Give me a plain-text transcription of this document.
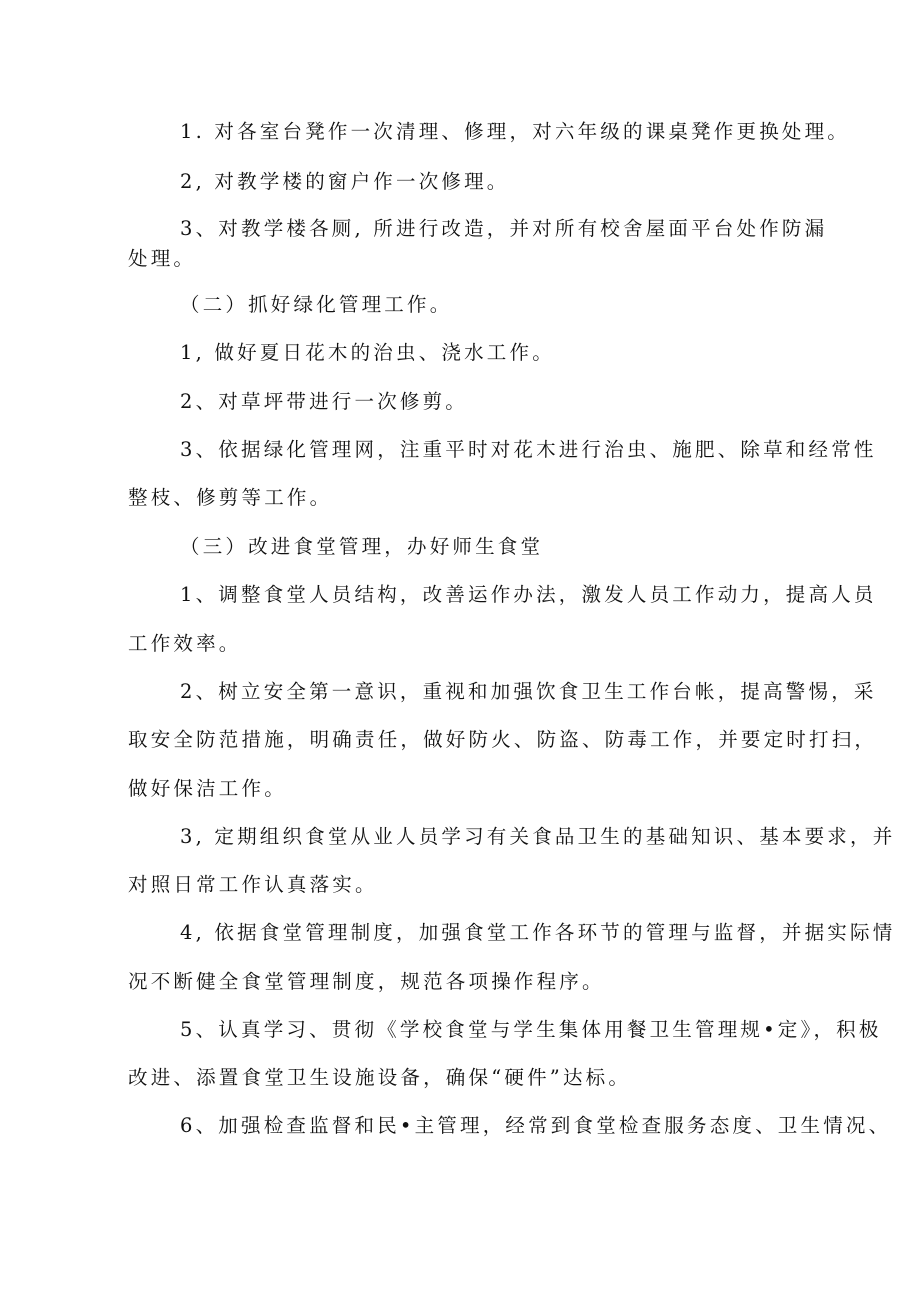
1. 对各室台凳作一次清理、修理，对六年级的课桌凳作更换处理。
2, 对教学楼的窗户作一次修理。
3、对教学楼各厕, 所进行改造，并对所有校舍屋面平台处作防漏
处理。
（二）抓好绿化管理工作。
1, 做好夏日花木的治虫、浇水工作。
2、对草坪带进行一次修剪。
3、依据绿化管理网，注重平时对花木进行治虫、施肥、除草和经常性
整枝、修剪等工作。
（三）改进食堂管理，办好师生食堂
1、调整食堂人员结构，改善运作办法，激发人员工作动力，提高人员
工作效率。
2、树立安全第一意识，重视和加强饮食卫生工作台帐，提高警惕，采
取安全防范措施，明确责任，做好防火、防盗、防毒工作，并要定时打扫，
做好保洁工作。
3, 定期组织食堂从业人员学习有关食品卫生的基础知识、基本要求，并
对照日常工作认真落实。
4, 依据食堂管理制度，加强食堂工作各环节的管理与监督，并据实际情
况不断健全食堂管理制度，规范各项操作程序。
5、认真学习、贯彻《学校食堂与学生集体用餐卫生管理规•定》，积极
改进、添置食堂卫生设施设备，确保“硬件”达标。
6、加强检查监督和民•主管理，经常到食堂检查服务态度、卫生情况、
